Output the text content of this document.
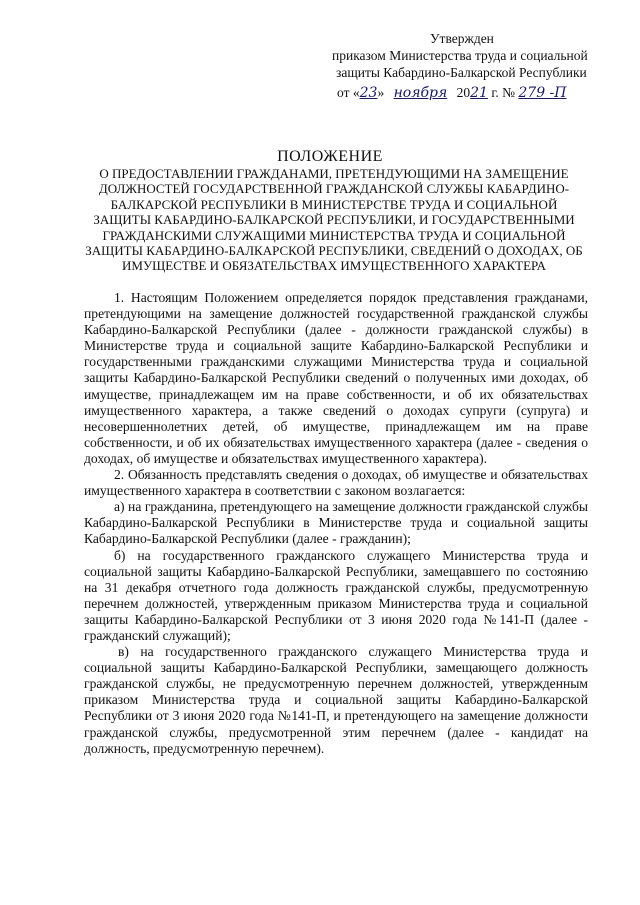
Утвержден
приказом Министерства труда и социальной
защиты Кабардино-Балкарской Республики
от «23» ноября 2021 г. № 279 -П
ПОЛОЖЕНИЕ
О ПРЕДОСТАВЛЕНИИ ГРАЖДАНАМИ, ПРЕТЕНДУЮЩИМИ НА ЗАМЕЩЕНИЕ ДОЛЖНОСТЕЙ ГОСУДАРСТВЕННОЙ ГРАЖДАНСКОЙ СЛУЖБЫ КАБАРДИНО-БАЛКАРСКОЙ РЕСПУБЛИКИ В МИНИСТЕРСТВЕ ТРУДА И СОЦИАЛЬНОЙ ЗАЩИТЫ КАБАРДИНО-БАЛКАРСКОЙ РЕСПУБЛИКИ, И ГОСУДАРСТВЕННЫМИ ГРАЖДАНСКИМИ СЛУЖАЩИМИ МИНИСТЕРСТВА ТРУДА И СОЦИАЛЬНОЙ ЗАЩИТЫ КАБАРДИНО-БАЛКАРСКОЙ РЕСПУБЛИКИ, СВЕДЕНИЙ О ДОХОДАХ, ОБ ИМУЩЕСТВЕ И ОБЯЗАТЕЛЬСТВАХ ИМУЩЕСТВЕННОГО ХАРАКТЕРА

1. Настоящим Положением определяется порядок представления гражданами, претендующими на замещение должностей государственной гражданской службы Кабардино-Балкарской Республики (далее - должности гражданской службы) в Министерстве труда и социальной защите Кабардино-Балкарской Республики и государственными гражданскими служащими Министерства труда и социальной защиты Кабардино-Балкарской Республики сведений о полученных ими доходах, об имуществе, принадлежащем им на праве собственности, и об их обязательствах имущественного характера, а также сведений о доходах супруги (супруга) и несовершеннолетних детей, об имуществе, принадлежащем им на праве собственности, и об их обязательствах имущественного характера (далее - сведения о доходах, об имуществе и обязательствах имущественного характера).

2. Обязанность представлять сведения о доходах, об имуществе и обязательствах имущественного характера в соответствии с законом возлагается:

а) на гражданина, претендующего на замещение должности гражданской службы Кабардино-Балкарской Республики в Министерстве труда и социальной защиты Кабардино-Балкарской Республики (далее - гражданин);

б) на государственного гражданского служащего Министерства труда и социальной защиты Кабардино-Балкарской Республики, замещавшего по состоянию на 31 декабря отчетного года должность гражданской службы, предусмотренную перечнем должностей, утвержденным приказом Министерства труда и социальной защиты Кабардино-Балкарской Республики от 3 июня 2020 года №141-П (далее - гражданский служащий);

в) на государственного гражданского служащего Министерства труда и социальной защиты Кабардино-Балкарской Республики, замещающего должность гражданской службы, не предусмотренную перечнем должностей, утвержденным приказом Министерства труда и социальной защиты Кабардино-Балкарской Республики от 3 июня 2020 года №141-П, и претендующего на замещение должности гражданской службы, предусмотренной этим перечнем (далее - кандидат на должность, предусмотренную перечнем).
